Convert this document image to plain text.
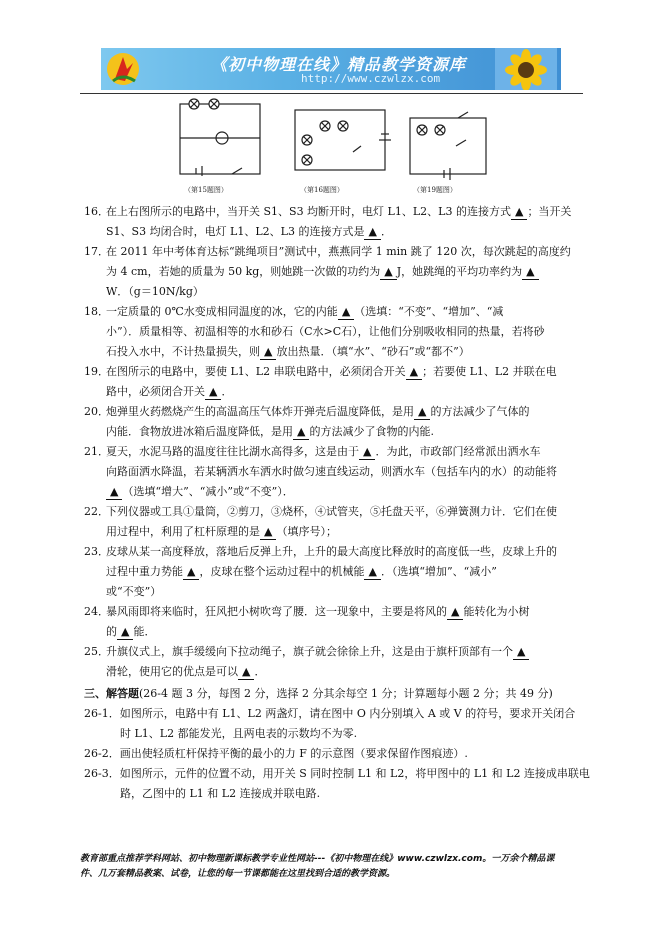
《初中物理在线》精品教学资源库
http://www.czwlzx.com
（第15题图）	（第16题图）	（第19题图）
16．在上右图所示的电路中，当开关 S1、S3 均断开时，电灯 L1、L2、L3 的连接方式 ▲ ；当开关
S1、S3 均闭合时，电灯 L1、L2、L3 的连接方式是 ▲ ．
17．在 2011 年中考体育达标“跳绳项目”测试中，燕燕同学 1 min 跳了 120 次，每次跳起的高度约
为 4 cm，若她的质量为 50 kg，则她跳一次做的功约为 ▲ J，她跳绳的平均功率约为 ▲
W．（g＝10N/kg）
18．一定质量的 0℃水变成相同温度的冰，它的内能 ▲ （选填：“不变”、“增加”、“减
小”）．质量相等、初温相等的水和砂石（C水>C石），让他们分别吸收相同的热量，若将砂
石投入水中，不计热量损失，则 ▲ 放出热量．（填“水”、“砂石”或“都不”）
19．在图所示的电路中，要使 L1、L2 串联电路中，必须闭合开关 ▲ ；若要使 L1、L2 并联在电
路中，必须闭合开关 ▲ ．
20．炮弹里火药燃烧产生的高温高压气体炸开弹壳后温度降低，是用 ▲ 的方法减少了气体的
内能．食物放进冰箱后温度降低，是用 ▲ 的方法减少了食物的内能.
21．夏天，水泥马路的温度往往比湖水高得多，这是由于 ▲ ．为此，市政部门经常派出洒水车
向路面洒水降温，若某辆洒水车洒水时做匀速直线运动，则洒水车（包括车内的水）的动能将
▲ （选填“增大”、“减小”或“不变”）．
22．下列仪器或工具①量筒，②剪刀，③烧杯，④试管夹，⑤托盘天平，⑥弹簧测力计．它们在使
用过程中，利用了杠杆原理的是 ▲ （填序号）；
23．皮球从某一高度释放，落地后反弹上升，上升的最大高度比释放时的高度低一些，皮球上升的
过程中重力势能 ▲ ，皮球在整个运动过程中的机械能 ▲ ．（选填“增加”、“减小”
或“不变”）
24．暴风雨即将来临时，狂风把小树吹弯了腰．这一现象中，主要是将风的 ▲ 能转化为小树
的 ▲ 能．
25．升旗仪式上，旗手缓缓向下拉动绳子，旗子就会徐徐上升，这是由于旗杆顶部有一个 ▲
滑轮，使用它的优点是可以 ▲ ．
三、解答题(26-4 题 3 分，每图 2 分，选择 2 分其余每空 1 分；计算题每小题 2 分；共 49 分)
26-1．如图所示，电路中有 L1、L2 两盏灯，请在图中 O 内分别填入 A 或 V 的符号，要求开关闭合
时 L1、L2 都能发光，且两电表的示数均不为零.
26-2．画出使轻质杠杆保持平衡的最小的力 F 的示意图（要求保留作图痕迹）.
26-3．如图所示，元件的位置不动，用开关 S 同时控制 L1 和 L2，将甲图中的 L1 和 L2 连接成串联电
路，乙图中的 L1 和 L2 连接成并联电路.
教育部重点推荐学科网站、初中物理新课标教学专业性网站---《初中物理在线》www.czwlzx.com。一万余个精品课
件、几万套精品教案、试卷，让您的每一节课都能在这里找到合适的教学资源。
